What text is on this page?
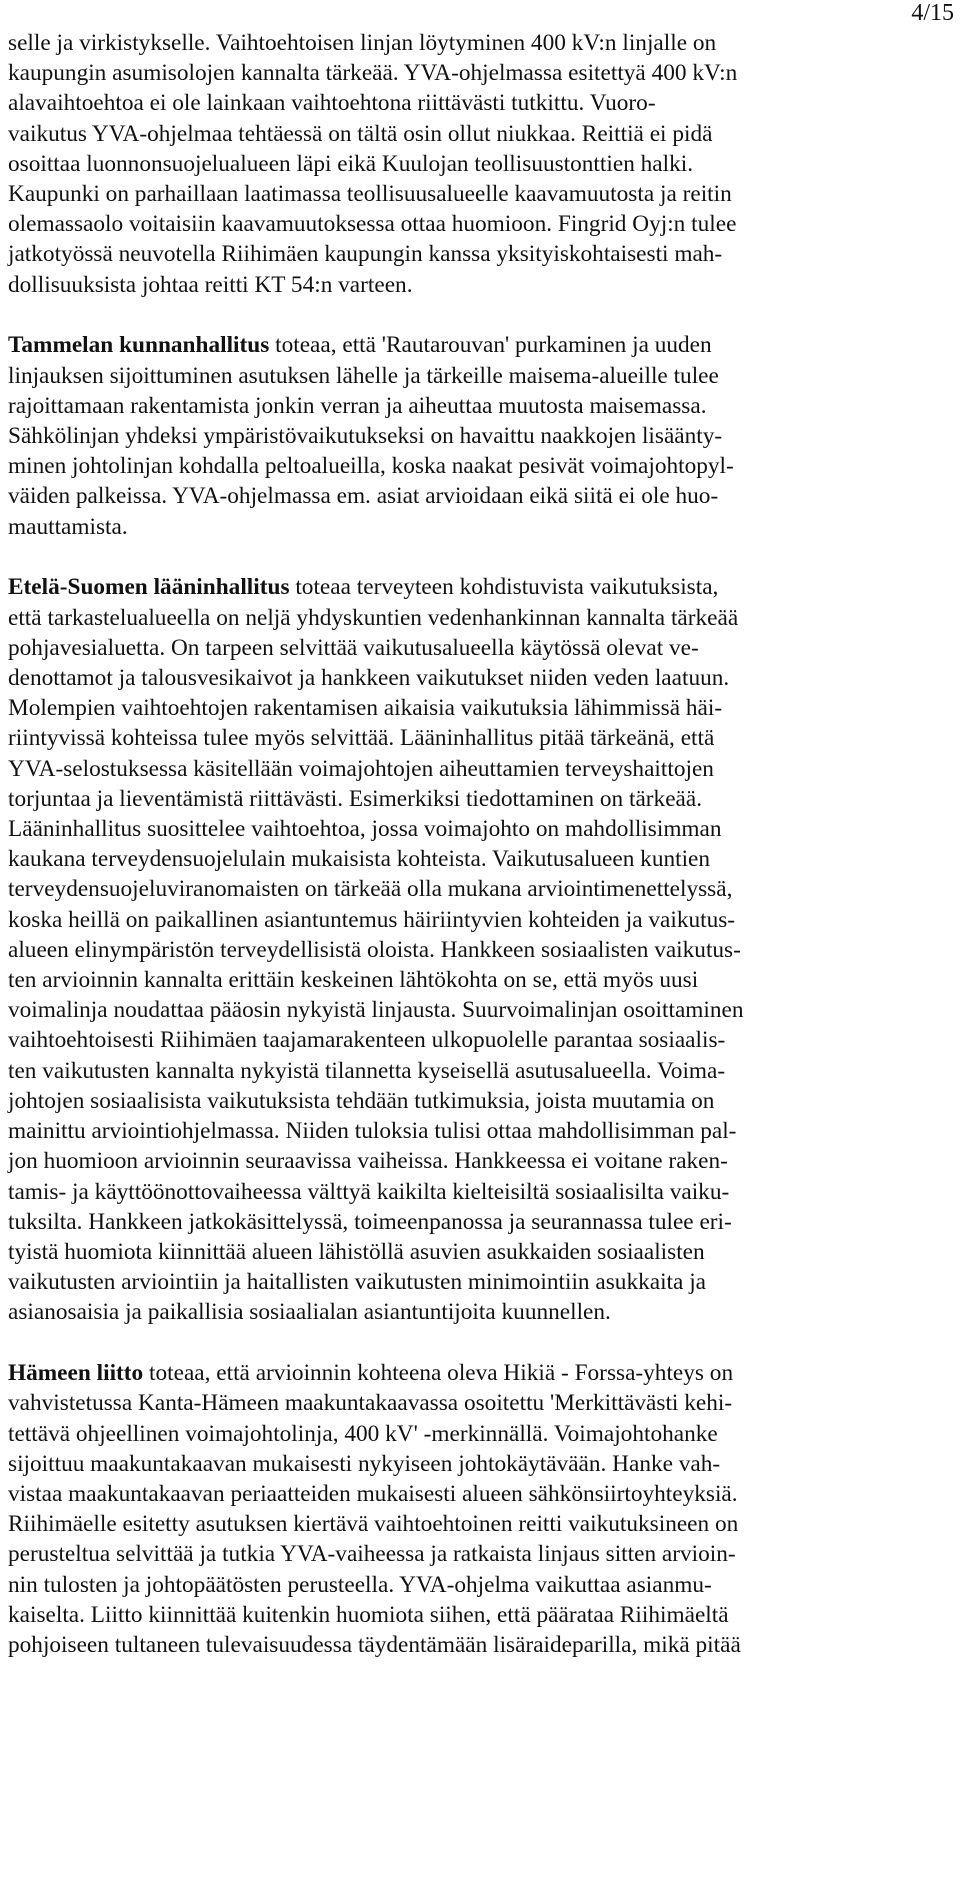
4/15

selle ja virkistykselle. Vaihtoehtoisen linjan löytyminen 400 kV:n linjalle on
kaupungin asumisolojen kannalta tärkeää. YVA-ohjelmassa esitettyä 400 kV:n
alavaihtoehtoa ei ole lainkaan vaihtoehtona riittävästi tutkittu. Vuoro-
vaikutus YVA-ohjelmaa tehtäessä on tältä osin ollut niukkaa. Reittiä ei pidä
osoittaa luonnonsuojelualueen läpi eikä Kuulojan teollisuustonttien halki.
Kaupunki on parhaillaan laatimassa teollisuusalueelle kaavamuutosta ja reitin
olemassaolo voitaisiin kaavamuutoksessa ottaa huomioon. Fingrid Oyj:n tulee
jatkotyössä neuvotella Riihimäen kaupungin kanssa yksityiskohtaisesti mah-
dollisuuksista johtaa reitti KT 54:n varteen.

Tammelan kunnanhallitus toteaa, että 'Rautarouvan' purkaminen ja uuden
linjauksen sijoittuminen asutuksen lähelle ja tärkeille maisema-alueille tulee
rajoittamaan rakentamista jonkin verran ja aiheuttaa muutosta maisemassa.
Sähkölinjan yhdeksi ympäristövaikutukseksi on havaittu naakkojen lisäänty-
minen johtolinjan kohdalla peltoalueilla, koska naakat pesivät voimajohtopyl-
väiden palkeissa. YVA-ohjelmassa em. asiat arvioidaan eikä siitä ei ole huo-
mauttamista.

Etelä-Suomen lääninhallitus toteaa terveyteen kohdistuvista vaikutuksista,
että tarkastelualueella on neljä yhdyskuntien vedenhankinnan kannalta tärkeää
pohjavesialuetta. On tarpeen selvittää vaikutusalueella käytössä olevat ve-
denottamot ja talousvesikaivot ja hankkeen vaikutukset niiden veden laatuun.
Molempien vaihtoehtojen rakentamisen aikaisia vaikutuksia lähimmissä häi-
riintyvissä kohteissa tulee myös selvittää. Lääninhallitus pitää tärkeänä, että
YVA-selostuksessa käsitellään voimajohtojen aiheuttamien terveyshaittojen
torjuntaa ja lieventämistä riittävästi. Esimerkiksi tiedottaminen on tärkeää.
Lääninhallitus suosittelee vaihtoehtoa, jossa voimajohto on mahdollisimman
kaukana terveydensuojelulain mukaisista kohteista. Vaikutusalueen kuntien
terveydensuojeluviranomaisten on tärkeää olla mukana arviointimenettelyssä,
koska heillä on paikallinen asiantuntemus häiriintyvien kohteiden ja vaikutus-
alueen elinympäristön terveydellisistä oloista. Hankkeen sosiaalisten vaikutus-
ten arvioinnin kannalta erittäin keskeinen lähtökohta on se, että myös uusi
voimalinja noudattaa pääosin nykyistä linjausta. Suurvoimalinjan osoittaminen
vaihtoehtoisesti Riihimäen taajamarakenteen ulkopuolelle parantaa sosiaalis-
ten vaikutusten kannalta nykyistä tilannetta kyseisellä asutusalueella. Voima-
johtojen sosiaalisista vaikutuksista tehdään tutkimuksia, joista muutamia on
mainittu arviointiohjelmassa. Niiden tuloksia tulisi ottaa mahdollisimman pal-
jon huomioon arvioinnin seuraavissa vaiheissa. Hankkeessa ei voitane raken-
tamis- ja käyttöönottovaiheessa välttyä kaikilta kielteisiltä sosiaalisilta vaiku-
tuksilta. Hankkeen jatkokäsittelyssä, toimeenpanossa ja seurannassa tulee eri-
tyistä huomiota kiinnittää alueen lähistöllä asuvien asukkaiden sosiaalisten
vaikutusten arviointiin ja haitallisten vaikutusten minimointiin asukkaita ja
asianosaisia ja paikallisia sosiaalialan asiantuntijoita kuunnellen.

Hämeen liitto toteaa, että arvioinnin kohteena oleva Hikiä - Forssa-yhteys on
vahvistetussa Kanta-Hämeen maakuntakaavassa osoitettu 'Merkittävästi kehi-
tettävä ohjeellinen voimajohtolinja, 400 kV' -merkinnällä. Voimajohtohanke
sijoittuu maakuntakaavan mukaisesti nykyiseen johtokäytävään. Hanke vah-
vistaa maakuntakaavan periaatteiden mukaisesti alueen sähkönsiirtoyhteyksiä.
Riihimäelle esitetty asutuksen kiertävä vaihtoehtoinen reitti vaikutuksineen on
perusteltua selvittää ja tutkia YVA-vaiheessa ja ratkaista linjaus sitten arvioin-
nin tulosten ja johtopäätösten perusteella. YVA-ohjelma vaikuttaa asianmu-
kaiselta. Liitto kiinnittää kuitenkin huomiota siihen, että päärataa Riihimäeltä
pohjoiseen tultaneen tulevaisuudessa täydentämään lisäraideparilla, mikä pitää
